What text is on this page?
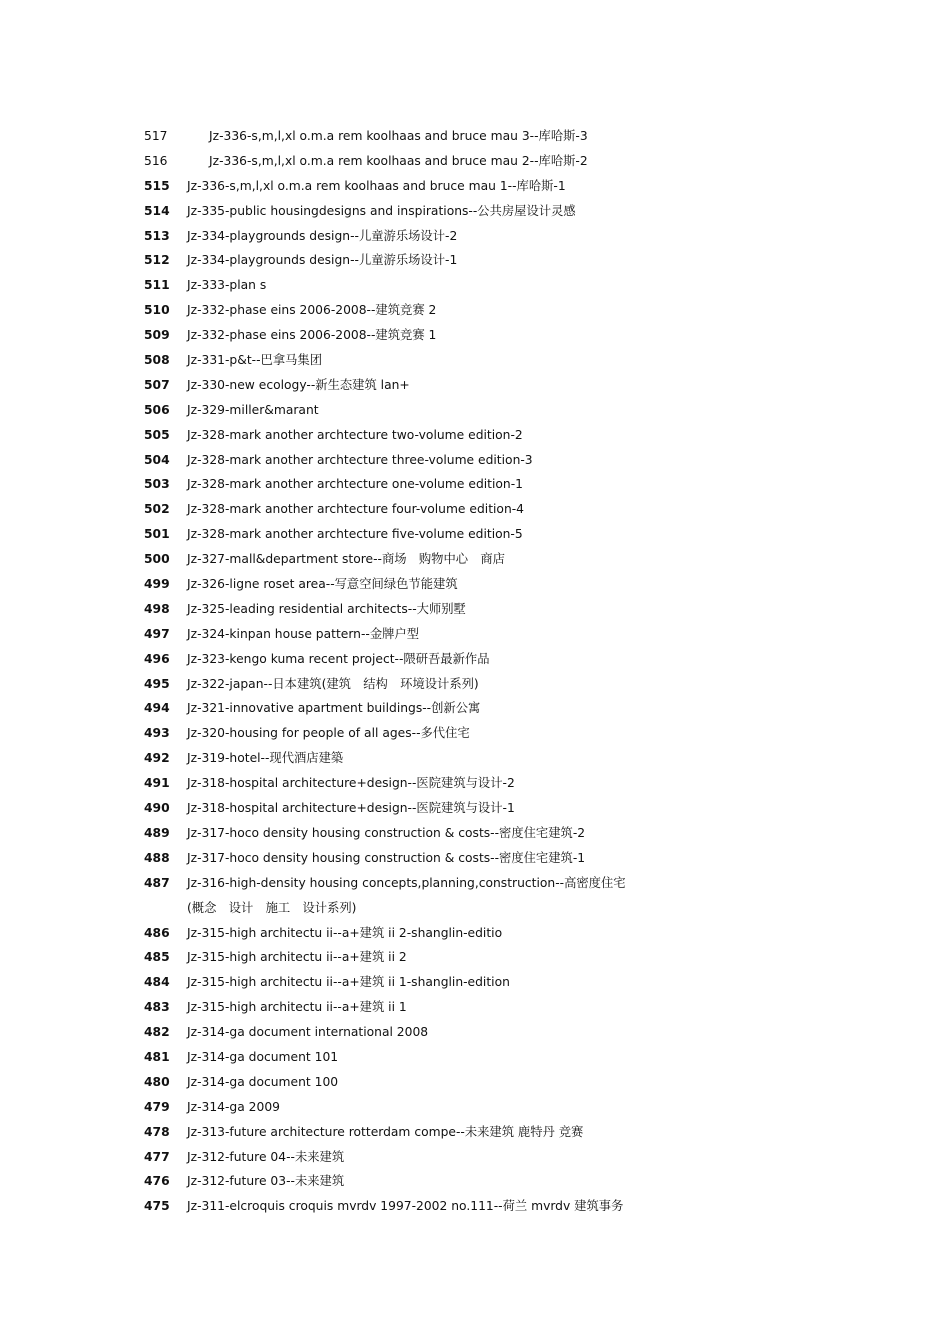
517	Jz-336-s,m,l,xl o.m.a rem koolhaas and bruce mau 3--库哈斯-3
516	Jz-336-s,m,l,xl o.m.a rem koolhaas and bruce mau 2--库哈斯-2
515	Jz-336-s,m,l,xl o.m.a rem koolhaas and bruce mau 1--库哈斯-1
514	Jz-335-public housingdesigns and inspirations--公共房屋设计灵感
513	Jz-334-playgrounds design--儿童游乐场设计-2
512	Jz-334-playgrounds design--儿童游乐场设计-1
511	Jz-333-plan s
510	Jz-332-phase eins 2006-2008--建筑竞赛 2
509	Jz-332-phase eins 2006-2008--建筑竞赛 1
508	Jz-331-p&t--巴拿马集团
507	Jz-330-new ecology--新生态建筑 lan+
506	Jz-329-miller&marant
505	Jz-328-mark another archtecture two-volume edition-2
504	Jz-328-mark another archtecture three-volume edition-3
503	Jz-328-mark another archtecture one-volume edition-1
502	Jz-328-mark another archtecture four-volume edition-4
501	Jz-328-mark another archtecture five-volume edition-5
500	Jz-327-mall&department store--商场　购物中心　商店
499	Jz-326-ligne roset area--写意空间绿色节能建筑
498	Jz-325-leading residential architects--大师别墅
497	Jz-324-kinpan house pattern--金牌户型
496	Jz-323-kengo kuma recent project--隈研吾最新作品
495	Jz-322-japan--日本建筑(建筑　结构　环境设计系列)
494	Jz-321-innovative apartment buildings--创新公寓
493	Jz-320-housing for people of all ages--多代住宅
492	Jz-319-hotel--现代酒店建築
491	Jz-318-hospital architecture+design--医院建筑与设计-2
490	Jz-318-hospital architecture+design--医院建筑与设计-1
489	Jz-317-hoco density housing construction & costs--密度住宅建筑-2
488	Jz-317-hoco density housing construction & costs--密度住宅建筑-1
487	Jz-316-high-density housing concepts,planning,construction--高密度住宅
(概念　设计　施工　设计系列)
486	Jz-315-high architectu ii--a+建筑 ii 2-shanglin-editio
485	Jz-315-high architectu ii--a+建筑 ii 2
484	Jz-315-high architectu ii--a+建筑 ii 1-shanglin-edition
483	Jz-315-high architectu ii--a+建筑 ii 1
482	Jz-314-ga document international 2008
481	Jz-314-ga document 101
480	Jz-314-ga document 100
479	Jz-314-ga 2009
478	Jz-313-future architecture rotterdam compe--未来建筑 鹿特丹 竞赛
477	Jz-312-future 04--未来建筑
476	Jz-312-future 03--未来建筑
475	Jz-311-elcroquis croquis mvrdv 1997-2002 no.111--荷兰 mvrdv 建筑事务
